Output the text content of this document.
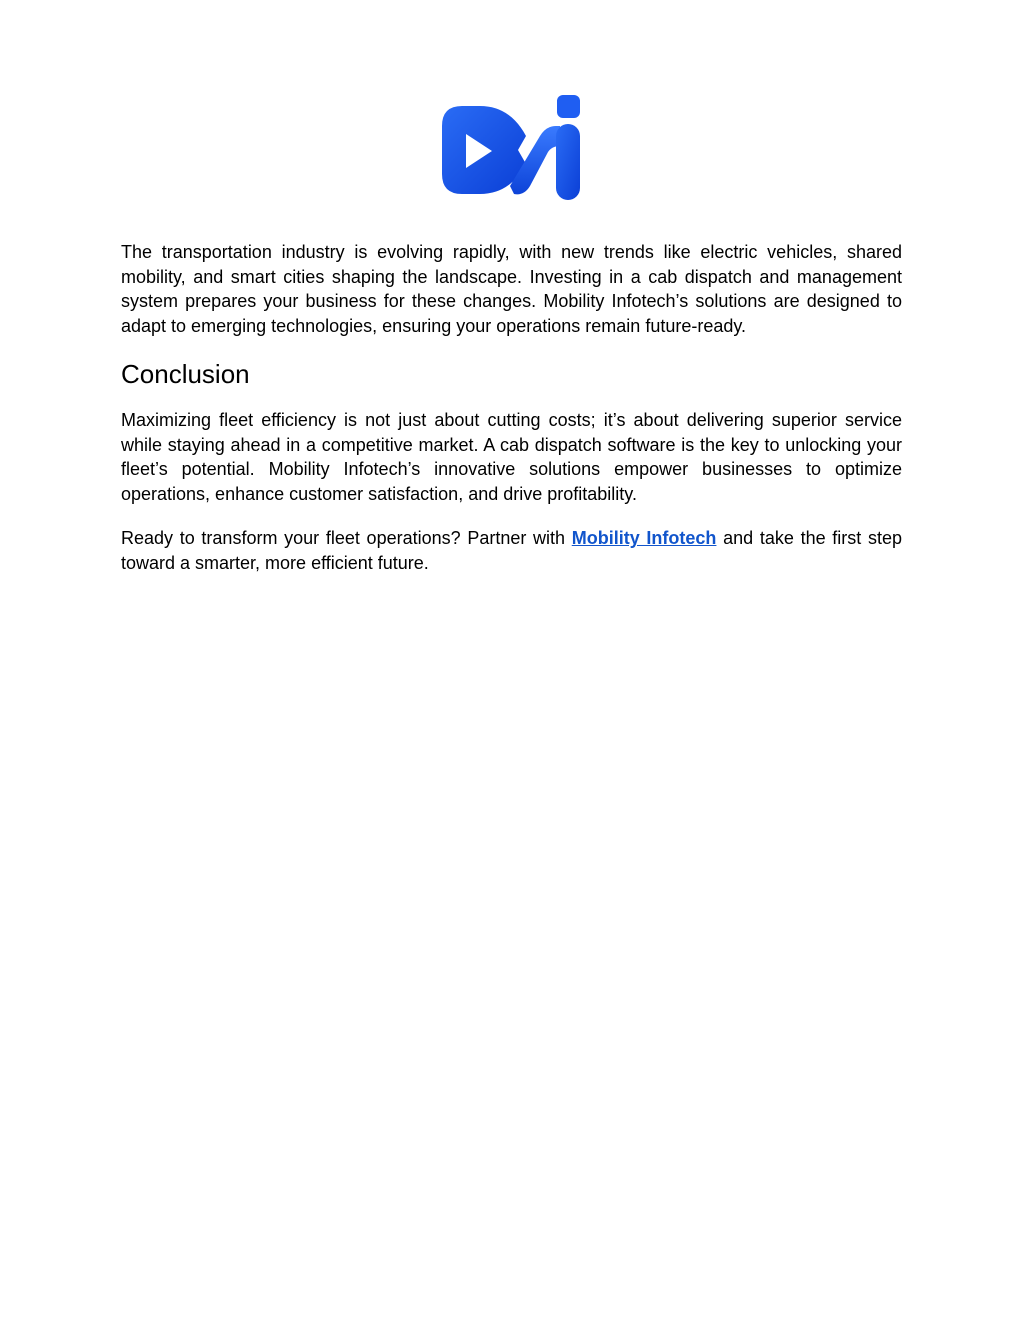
The transportation industry is evolving rapidly, with new trends like electric vehicles, shared mobility, and smart cities shaping the landscape. Investing in a cab dispatch and management system prepares your business for these changes. Mobility Infotech’s solutions are designed to adapt to emerging technologies, ensuring your operations remain future-ready.

Conclusion

Maximizing fleet efficiency is not just about cutting costs; it’s about delivering superior service while staying ahead in a competitive market. A cab dispatch software is the key to unlocking your fleet’s potential. Mobility Infotech’s innovative solutions empower businesses to optimize operations, enhance customer satisfaction, and drive profitability.

Ready to transform your fleet operations? Partner with Mobility Infotech and take the first step toward a smarter, more efficient future.
